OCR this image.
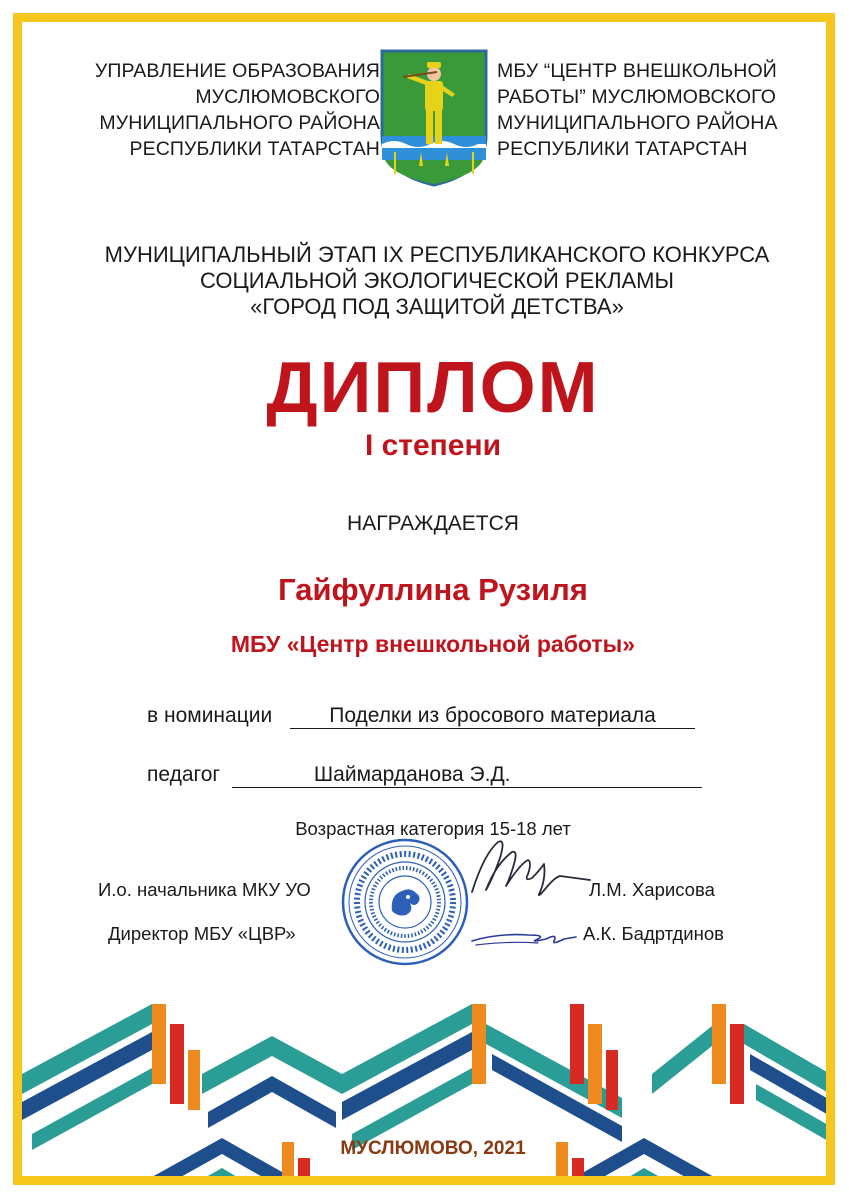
УПРАВЛЕНИЕ ОБРАЗОВАНИЯ
МУСЛЮМОВСКОГО
МУНИЦИПАЛЬНОГО РАЙОНА
РЕСПУБЛИКИ ТАТАРСТАН
МБУ “ЦЕНТР ВНЕШКОЛЬНОЙ
РАБОТЫ” МУСЛЮМОВСКОГО
МУНИЦИПАЛЬНОГО РАЙОНА
РЕСПУБЛИКИ ТАТАРСТАН
МУНИЦИПАЛЬНЫЙ ЭТАП IX РЕСПУБЛИКАНСКОГО КОНКУРСА
СОЦИАЛЬНОЙ ЭКОЛОГИЧЕСКОЙ РЕКЛАМЫ
«ГОРОД ПОД ЗАЩИТОЙ ДЕТСТВА»
ДИПЛОМ
I степени
НАГРАЖДАЕТСЯ
Гайфуллина Рузиля
МБУ «Центр внешкольной работы»
в номинации	Поделки из бросового материала
педагог	Шаймарданова Э.Д.
Возрастная категория 15-18 лет
И.о. начальника МКУ УО	Л.М. Харисова
Директор МБУ «ЦВР»	А.К. Бадртдинов
МУСЛЮМОВО, 2021
